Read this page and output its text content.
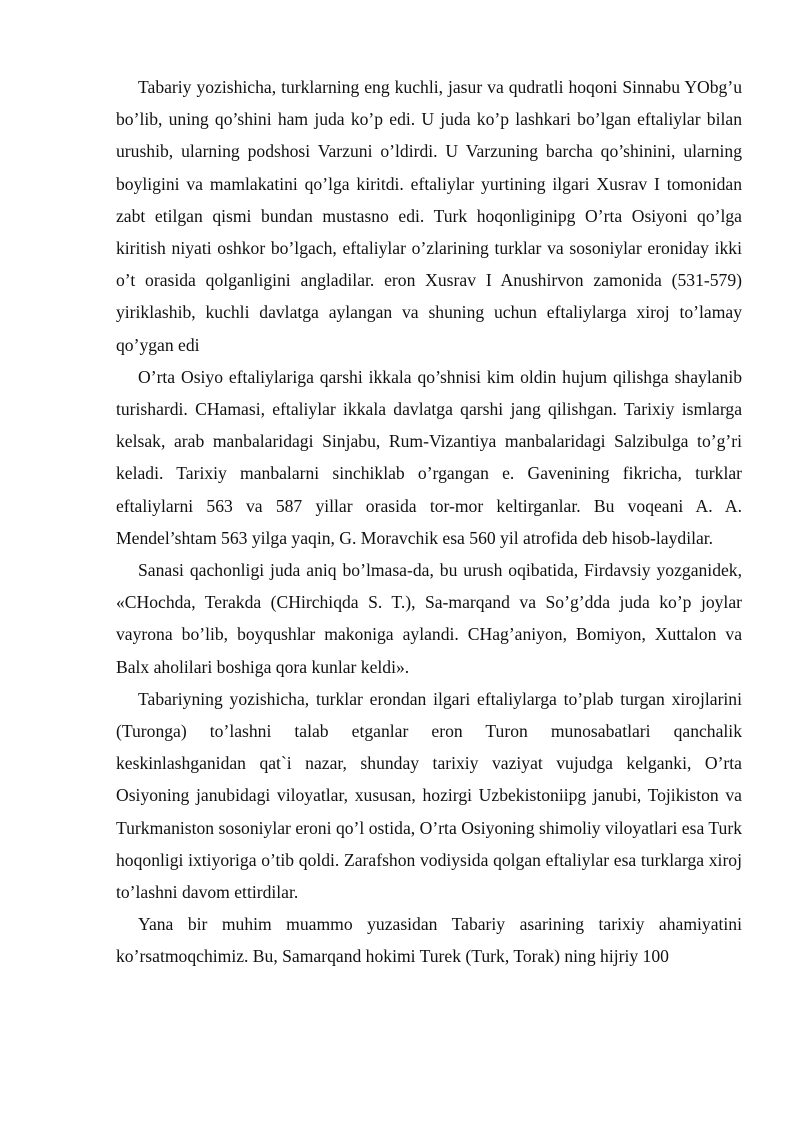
Tabariy yozishicha, turklarning eng kuchli, jasur va qudratli hoqoni Sinnabu YObg’u bo’lib, uning qo’shini ham juda ko’p edi. U juda ko’p lashkari bo’lgan eftaliylar bilan urushib, ularning podshosi Varzuni o’ldirdi. U Varzuning barcha qo’shinini, ularning boyligini va mamlakatini qo’lga kiritdi. eftaliylar yurtining ilgari Xusrav I tomonidan zabt etilgan qismi bundan mustasno edi. Turk hoqonliginipg O’rta Osiyoni qo’lga kiritish niyati oshkor bo’lgach, eftaliylar o’zlarining turklar va sosoniylar eroniday ikki o’t orasida qolganligini angladilar. eron Xusrav I Anushirvon zamonida (531-579) yiriklashib, kuchli davlatga aylangan va shuning uchun eftaliylarga xiroj to’lamay qo’ygan edi

O’rta Osiyo eftaliylariga qarshi ikkala qo’shnisi kim oldin hujum qilishga shaylanib turishardi. CHamasi, eftaliylar ikkala davlatga qarshi jang qilishgan. Tarixiy ismlarga kelsak, arab manbalaridagi Sinjabu, Rum-Vizantiya manbalaridagi Salzibulga to’g’ri keladi. Tarixiy manbalarni sinchiklab o’rgangan e. Gavenining fikricha, turklar eftaliylarni 563 va 587 yillar orasida tor-mor keltirganlar. Bu voqeani A. A. Mendel’shtam 563 yilga yaqin, G. Moravchik esa 560 yil atrofida deb hisob-laydilar.

Sanasi qachonligi juda aniq bo’lmasa-da, bu urush oqibatida, Firdavsiy yozganidek, «CHochda, Terakda (CHirchiqda S. T.), Sa-marqand va So’g’dda juda ko’p joylar vayrona bo’lib, boyqushlar makoniga aylandi. CHag’aniyon, Bomiyon, Xuttalon va Balx aholilari boshiga qora kunlar keldi».

Tabariyning yozishicha, turklar erondan ilgari eftaliylarga to’plab turgan xirojlarini (Turonga) to’lashni talab etganlar eron Turon munosabatlari qanchalik keskinlashganidan qat`i nazar, shunday tarixiy vaziyat vujudga kelganki, O’rta Osiyoning janubidagi viloyatlar, xususan, hozirgi Uzbekistoniipg janubi, Tojikiston va Turkmaniston sosoniylar eroni qo’l ostida, O’rta Osiyoning shimoliy viloyatlari esa Turk hoqonligi ixtiyoriga o’tib qoldi. Zarafshon vodiysida qolgan eftaliylar esa turklarga xiroj to’lashni davom ettirdilar.

Yana bir muhim muammo yuzasidan Tabariy asarining tarixiy ahamiyatini ko’rsatmoqchimiz. Bu, Samarqand hokimi Turek (Turk, Torak) ning hijriy 100
